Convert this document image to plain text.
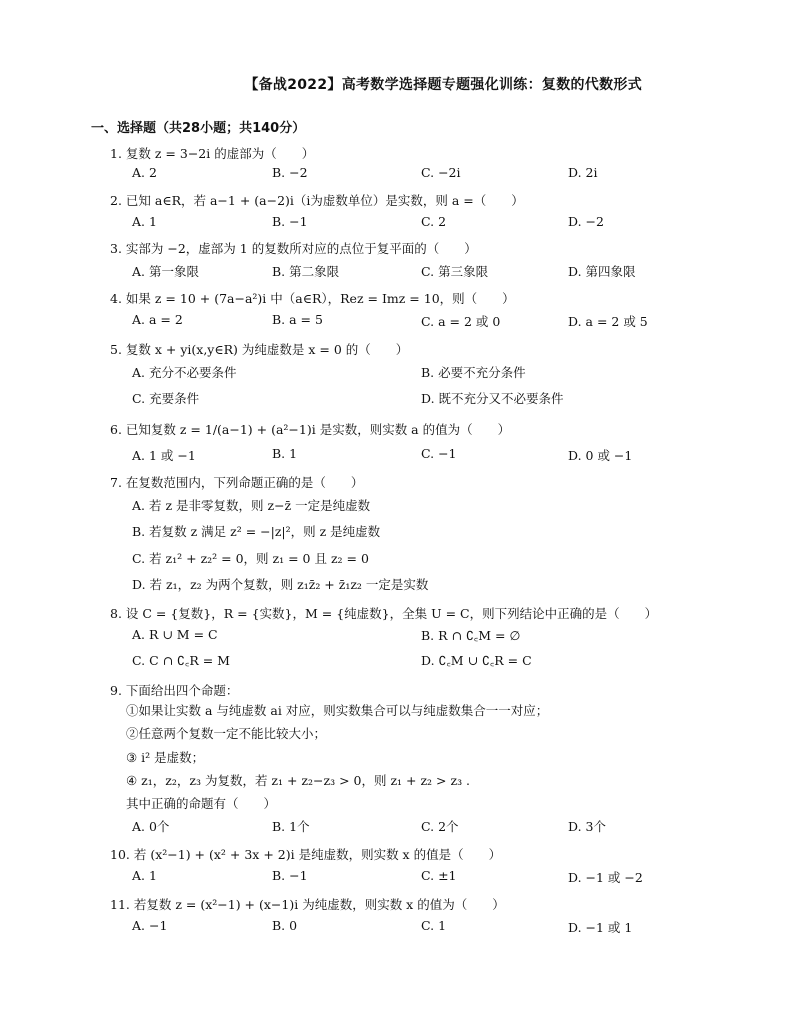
【备战2022】高考数学选择题专题强化训练：复数的代数形式
一、选择题（共28小题；共140分）
1. 复数 z = 3−2i 的虚部为（　　）
A. 2	B. −2	C. −2i	D. 2i
2. 已知 a∈R，若 a−1 + (a−2)i（i为虚数单位）是实数，则 a =（　　）
A. 1	B. −1	C. 2	D. −2
3. 实部为 −2，虚部为 1 的复数所对应的点位于复平面的（　　）
A. 第一象限	B. 第二象限	C. 第三象限	D. 第四象限
4. 如果 z = 10 + (7a−a²)i 中（a∈R），Rez = Imz = 10，则（　　）
A. a = 2	B. a = 5	C. a = 2 或 0	D. a = 2 或 5
5. 复数 x + yi(x,y∈R) 为纯虚数是 x = 0 的（　　）
A. 充分不必要条件	B. 必要不充分条件
C. 充要条件	D. 既不充分又不必要条件
6. 已知复数 z = 1/(a−1) + (a²−1)i 是实数，则实数 a 的值为（　　）
A. 1 或 −1	B. 1	C. −1	D. 0 或 −1
7. 在复数范围内，下列命题正确的是（　　）
A. 若 z 是非零复数，则 z−z̄ 一定是纯虚数
B. 若复数 z 满足 z² = −|z|²，则 z 是纯虚数
C. 若 z₁² + z₂² = 0，则 z₁ = 0 且 z₂ = 0
D. 若 z₁，z₂ 为两个复数，则 z₁z̄₂ + z̄₁z₂ 一定是实数
8. 设 C = {复数}，R = {实数}，M = {纯虚数}，全集 U = C，则下列结论中正确的是（　　）
A. R ∪ M = C	B. R ∩ ∁꜀M = ∅
C. C ∩ ∁꜀R = M	D. ∁꜀M ∪ ∁꜀R = C
9. 下面给出四个命题：
①如果让实数 a 与纯虚数 ai 对应，则实数集合可以与纯虚数集合一一对应；
②任意两个复数一定不能比较大小；
③ i² 是虚数；
④ z₁，z₂，z₃ 为复数，若 z₁ + z₂−z₃ > 0，则 z₁ + z₂ > z₃ .
其中正确的命题有（　　）
A. 0个	B. 1个	C. 2个	D. 3个
10. 若 (x²−1) + (x² + 3x + 2)i 是纯虚数，则实数 x 的值是（　　）
A. 1	B. −1	C. ±1	D. −1 或 −2
11. 若复数 z = (x²−1) + (x−1)i 为纯虚数，则实数 x 的值为（　　）
A. −1	B. 0	C. 1	D. −1 或 1
